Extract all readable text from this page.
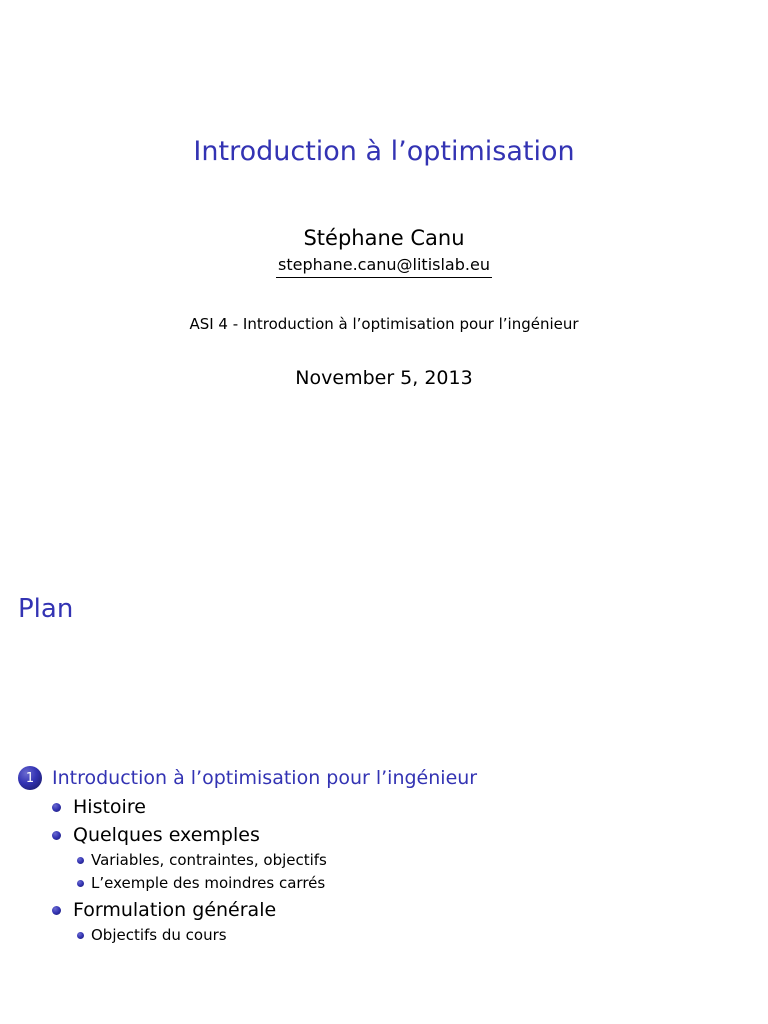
Introduction à l’optimisation
Stéphane Canu
stephane.canu@litislab.eu
ASI 4 - Introduction à l’optimisation pour l’ingénieur
November 5, 2013
Plan
1 Introduction à l’optimisation pour l’ingénieur
Histoire
Quelques exemples
Variables, contraintes, objectifs
L’exemple des moindres carrés
Formulation générale
Objectifs du cours
